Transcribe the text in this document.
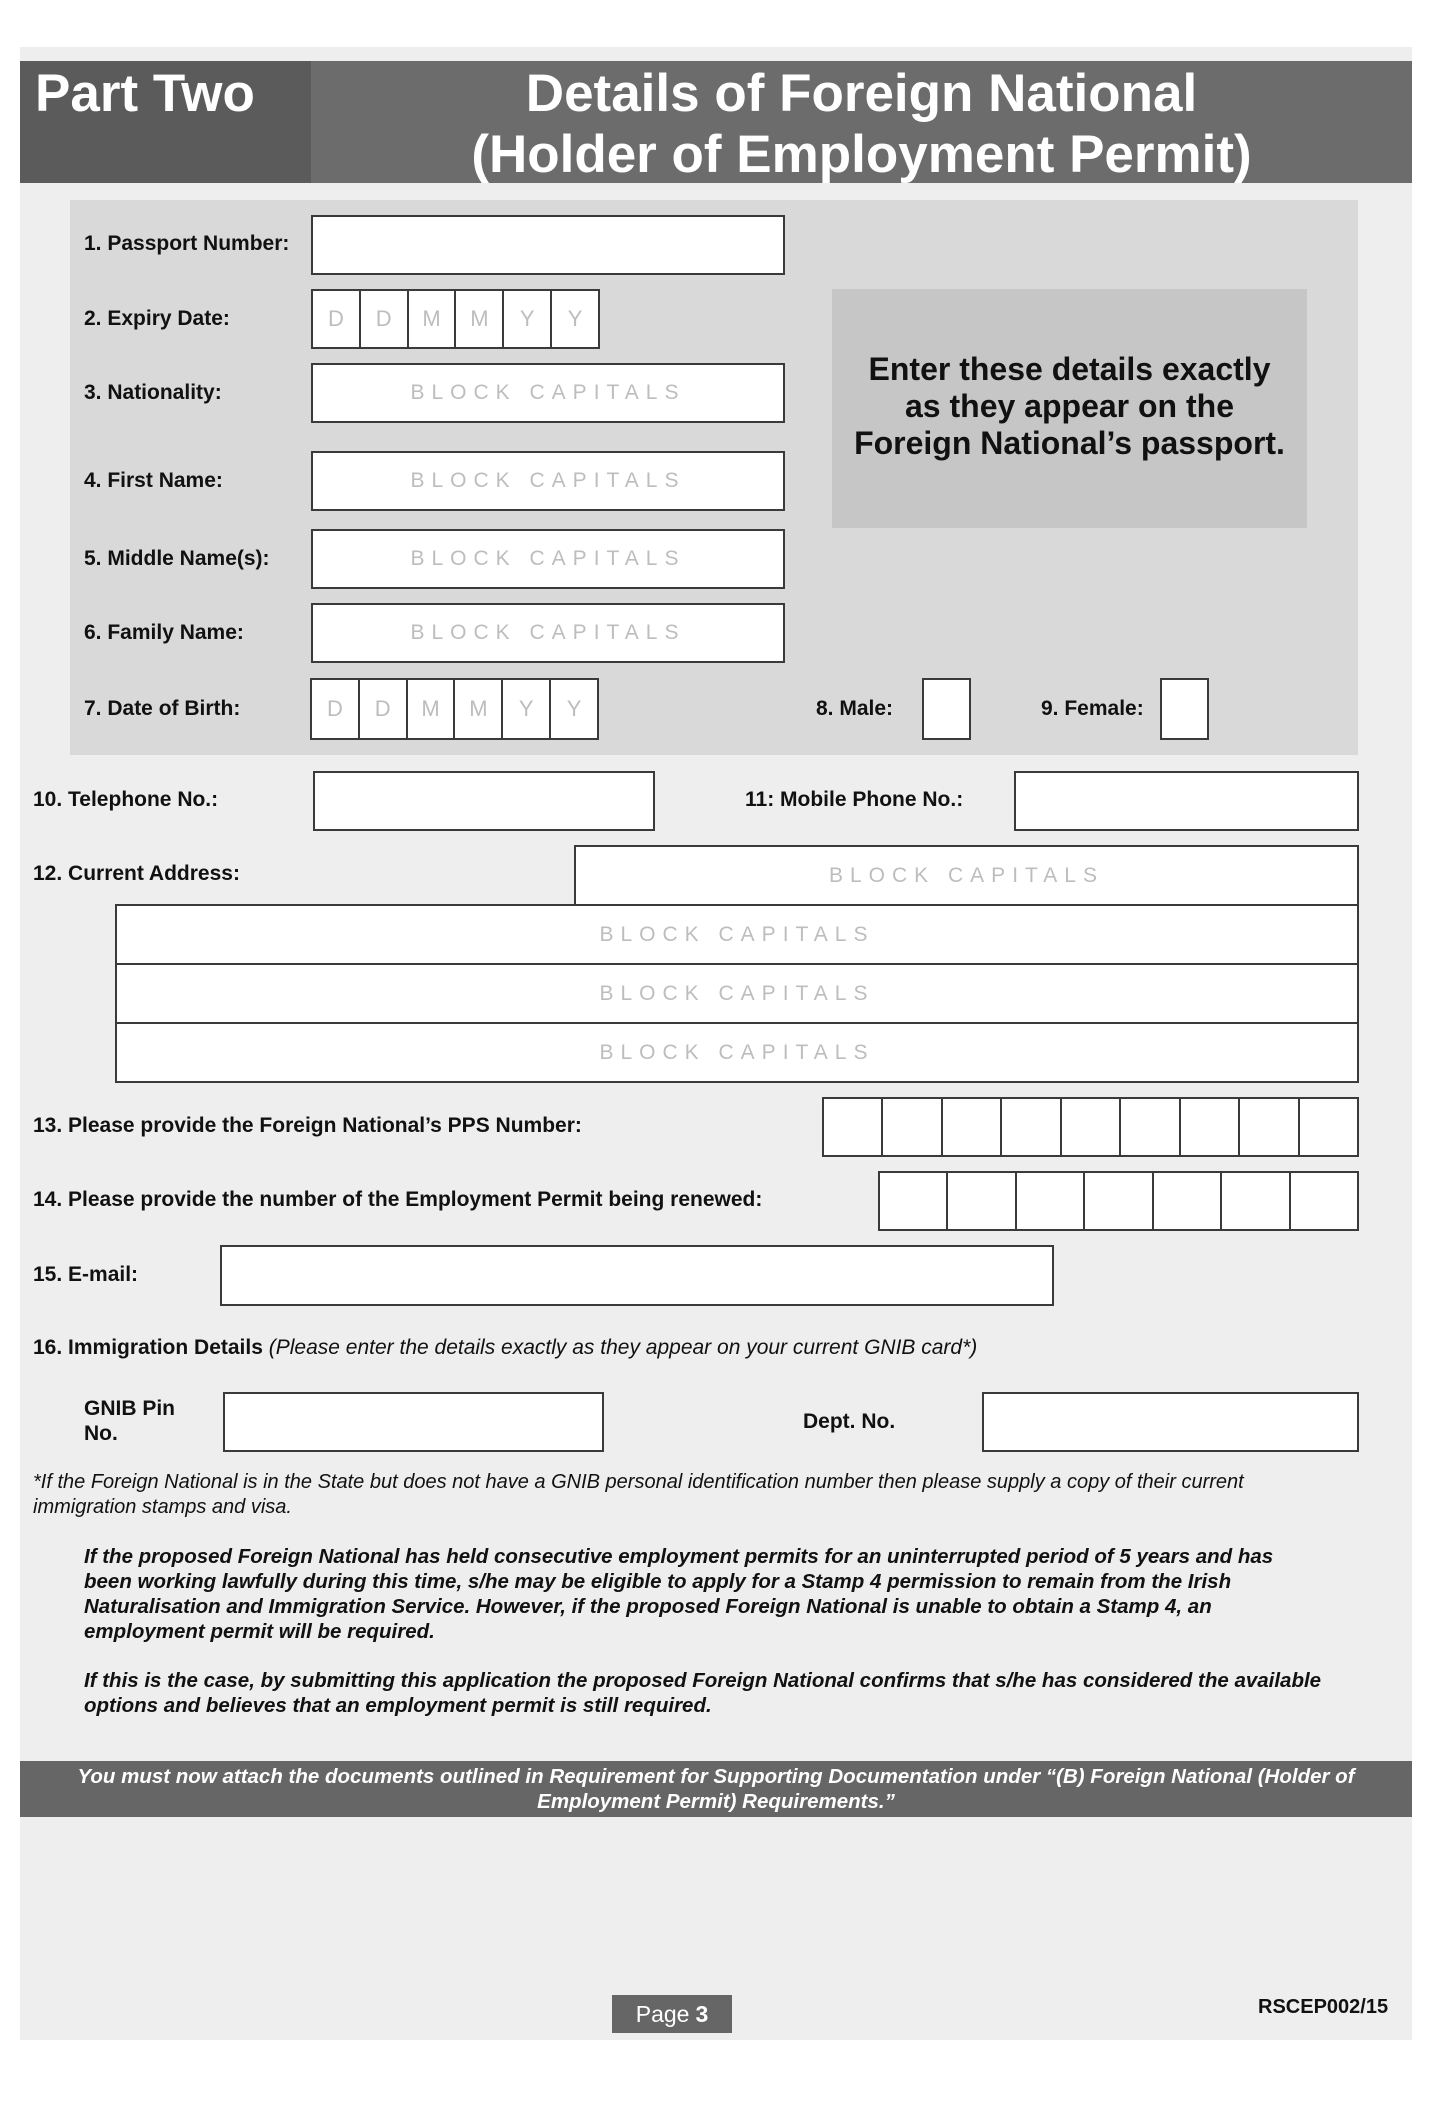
Part Two	Details of Foreign National
(Holder of Employment Permit)
Enter these details exactly
as they appear on the
Foreign National’s passport.
1. Passport Number:
2. Expiry Date:	D	D	M	M	Y	Y
3. Nationality:	BLOCK CAPITALS
4. First Name:	BLOCK CAPITALS
5. Middle Name(s):	BLOCK CAPITALS
6. Family Name:	BLOCK CAPITALS
7. Date of Birth:	D	D	M	M	Y	Y	8. Male:	9. Female:
10. Telephone No.:	11: Mobile Phone No.:
12. Current Address:	BLOCK CAPITALS
BLOCK CAPITALS
BLOCK CAPITALS
BLOCK CAPITALS
13. Please provide the Foreign National’s PPS Number:
14. Please provide the number of the Employment Permit being renewed:
15. E-mail:
16. Immigration Details (Please enter the details exactly as they appear on your current GNIB card*)
GNIB Pin
No.
Dept. No.
*If the Foreign National is in the State but does not have a GNIB personal identification number then please supply a copy of their current
immigration stamps and visa.
If the proposed Foreign National has held consecutive employment permits for an uninterrupted period of 5 years and has
been working lawfully during this time, s/he may be eligible to apply for a Stamp 4 permission to remain from the Irish
Naturalisation and Immigration Service. However, if the proposed Foreign National is unable to obtain a Stamp 4, an
employment permit will be required.
If this is the case, by submitting this application the proposed Foreign National confirms that s/he has considered the available
options and believes that an employment permit is still required.
You must now attach the documents outlined in Requirement for Supporting Documentation under “(B) Foreign National (Holder of
Employment Permit) Requirements.”
Page 3	RSCEP002/15
